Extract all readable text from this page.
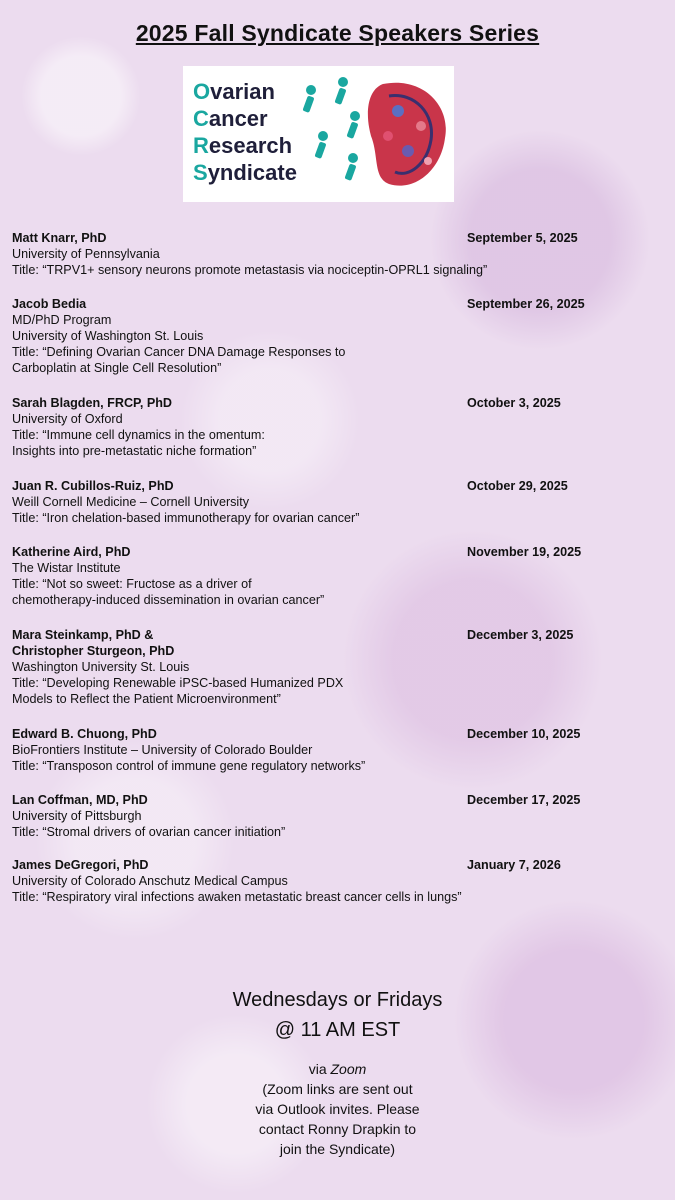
2025 Fall Syndicate Speakers Series
Ovarian
Cancer
Research
Syndicate
Matt Knarr, PhD	September 5, 2025
University of Pennsylvania
Title: “TRPV1+ sensory neurons promote metastasis via nociceptin-OPRL1 signaling”
Jacob Bedia	September 26, 2025
MD/PhD Program
University of Washington St. Louis
Title: “Defining Ovarian Cancer DNA Damage Responses to
Carboplatin at Single Cell Resolution”
Sarah Blagden, FRCP, PhD	October 3, 2025
University of Oxford
Title: “Immune cell dynamics in the omentum:
Insights into pre-metastatic niche formation”
Juan R. Cubillos-Ruiz, PhD	October 29, 2025
Weill Cornell Medicine – Cornell University
Title: “Iron chelation-based immunotherapy for ovarian cancer”
Katherine Aird, PhD	November 19, 2025
The Wistar Institute
Title: “Not so sweet: Fructose as a driver of
chemotherapy-induced dissemination in ovarian cancer”
Mara Steinkamp, PhD &	December 3, 2025
Christopher Sturgeon, PhD
Washington University St. Louis
Title: “Developing Renewable iPSC-based Humanized PDX
Models to Reflect the Patient Microenvironment”
Edward B. Chuong, PhD	December 10, 2025
BioFrontiers Institute – University of Colorado Boulder
Title: “Transposon control of immune gene regulatory networks”
Lan Coffman, MD, PhD	December 17, 2025
University of Pittsburgh
Title: “Stromal drivers of ovarian cancer initiation”
James DeGregori, PhD	January 7, 2026
University of Colorado Anschutz Medical Campus
Title: “Respiratory viral infections awaken metastatic breast cancer cells in lungs”
Wednesdays or Fridays
@ 11 AM EST
via Zoom
(Zoom links are sent out
via Outlook invites. Please
contact Ronny Drapkin to
join the Syndicate)
